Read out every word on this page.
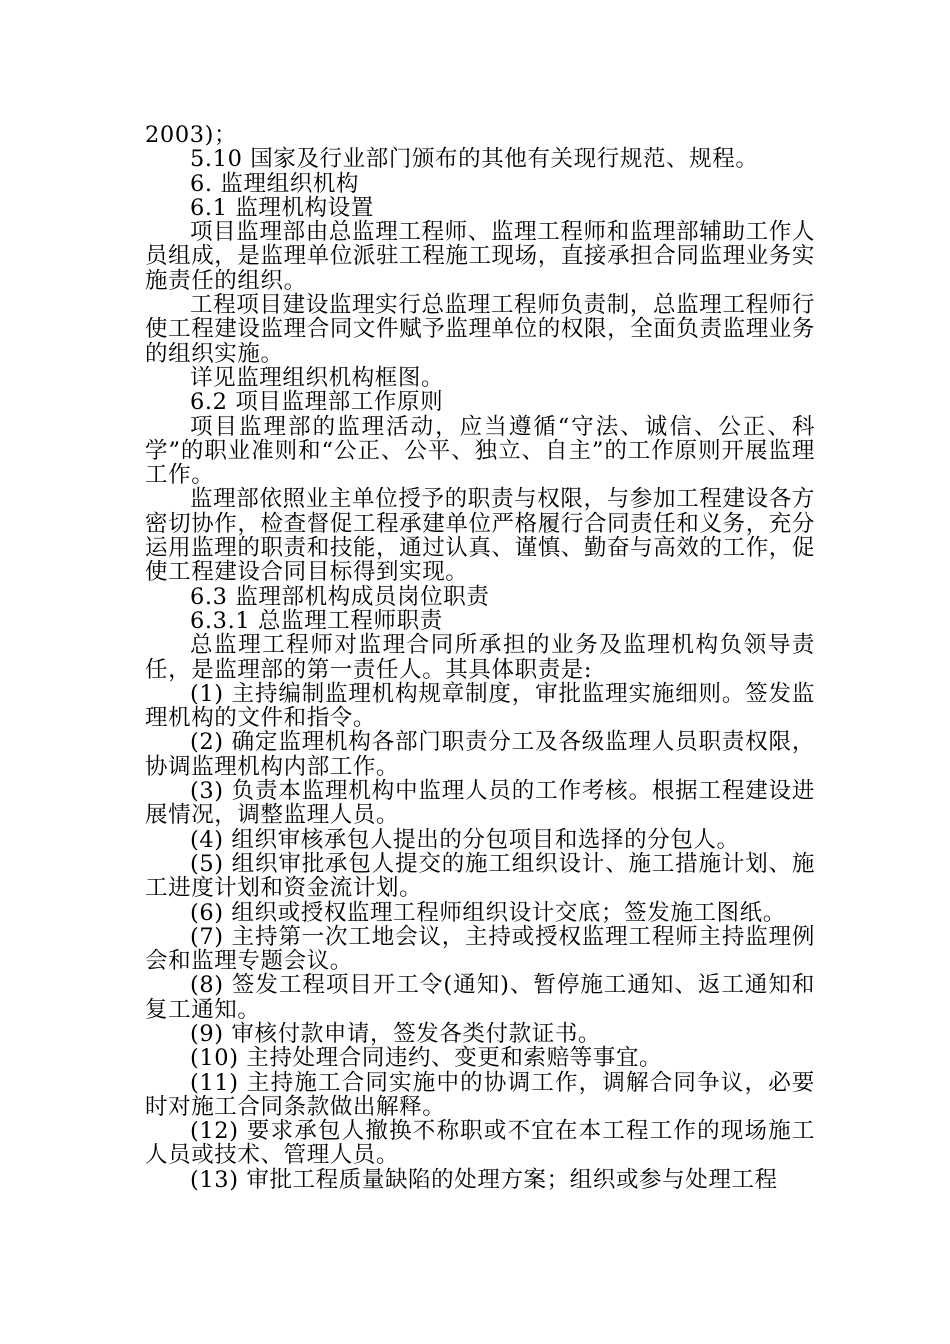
2003)；

5.10 国家及行业部门颁布的其他有关现行规范、规程。

6. 监理组织机构

6.1 监理机构设置

项目监理部由总监理工程师、监理工程师和监理部辅助工作人员组成，是监理单位派驻工程施工现场，直接承担合同监理业务实施责任的组织。

工程项目建设监理实行总监理工程师负责制，总监理工程师行使工程建设监理合同文件赋予监理单位的权限，全面负责监理业务的组织实施。

详见监理组织机构框图。

6.2 项目监理部工作原则

项目监理部的监理活动，应当遵循“守法、诚信、公正、科学”的职业准则和“公正、公平、独立、自主”的工作原则开展监理工作。

监理部依照业主单位授予的职责与权限，与参加工程建设各方密切协作，检查督促工程承建单位严格履行合同责任和义务，充分运用监理的职责和技能，通过认真、谨慎、勤奋与高效的工作，促使工程建设合同目标得到实现。

6.3 监理部机构成员岗位职责

6.3.1 总监理工程师职责

总监理工程师对监理合同所承担的业务及监理机构负领导责任，是监理部的第一责任人。其具体职责是:

(1) 主持编制监理机构规章制度，审批监理实施细则。签发监理机构的文件和指令。

(2) 确定监理机构各部门职责分工及各级监理人员职责权限，协调监理机构内部工作。

(3) 负责本监理机构中监理人员的工作考核。根据工程建设进展情况，调整监理人员。

(4) 组织审核承包人提出的分包项目和选择的分包人。

(5) 组织审批承包人提交的施工组织设计、施工措施计划、施工进度计划和资金流计划。

(6) 组织或授权监理工程师组织设计交底；签发施工图纸。

(7) 主持第一次工地会议，主持或授权监理工程师主持监理例会和监理专题会议。

(8) 签发工程项目开工令(通知)、暂停施工通知、返工通知和复工通知。

(9) 审核付款申请，签发各类付款证书。

(10) 主持处理合同违约、变更和索赔等事宜。

(11) 主持施工合同实施中的协调工作，调解合同争议，必要时对施工合同条款做出解释。

(12) 要求承包人撤换不称职或不宜在本工程工作的现场施工人员或技术、管理人员。

(13) 审批工程质量缺陷的处理方案；组织或参与处理工程
